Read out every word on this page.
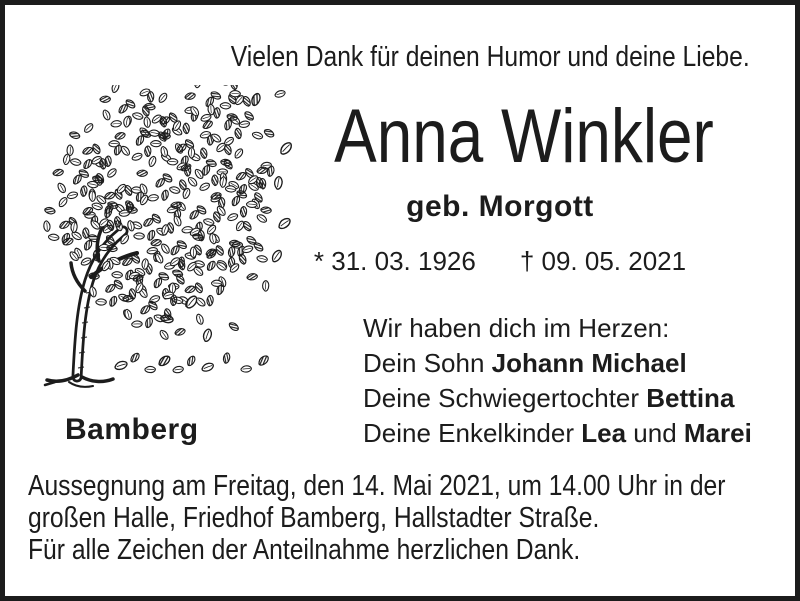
Vielen Dank für deinen Humor und deine Liebe.
Anna Winkler
geb. Morgott
* 31. 03. 1926 † 09. 05. 2021
Wir haben dich im Herzen:
Dein Sohn Johann Michael
Deine Schwiegertochter Bettina
Deine Enkelkinder Lea und Marei
Bamberg
Aussegnung am Freitag, den 14. Mai 2021, um 14.00 Uhr in der
großen Halle, Friedhof Bamberg, Hallstadter Straße.
Für alle Zeichen der Anteilnahme herzlichen Dank.
